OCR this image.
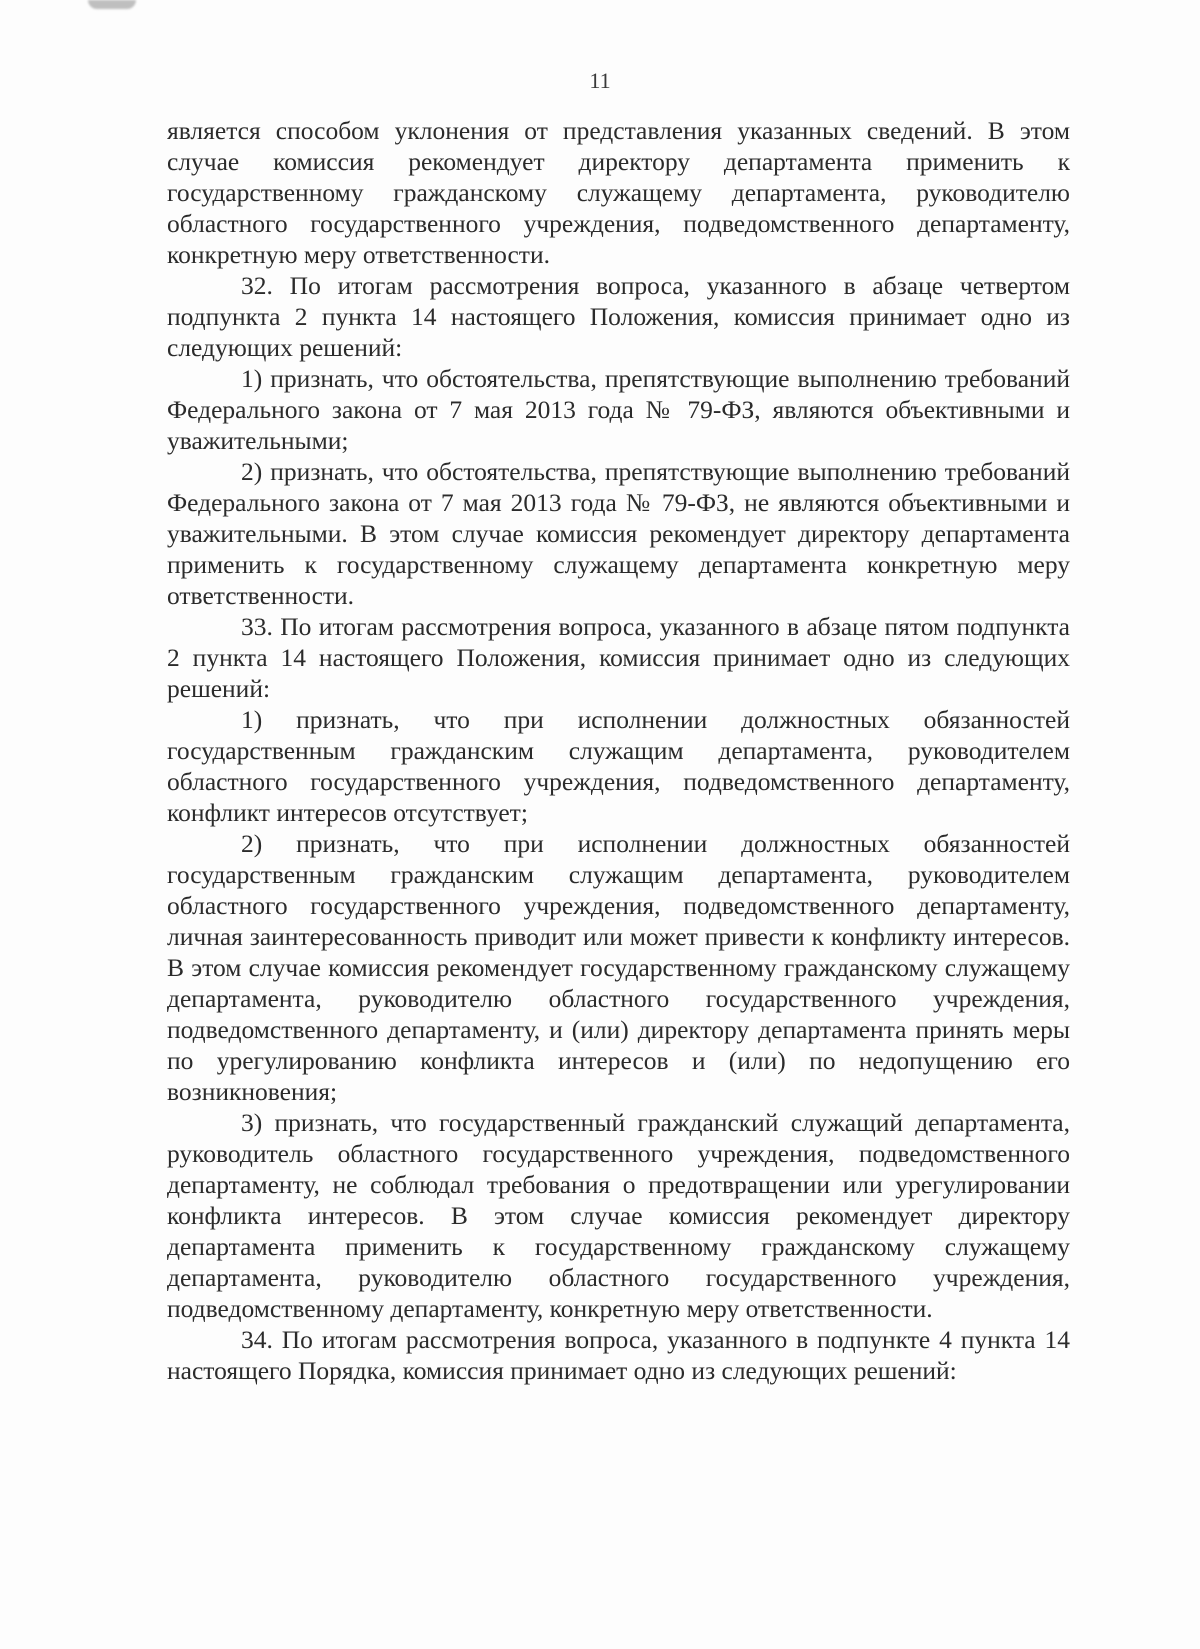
11

является способом уклонения от представления указанных сведений. В этом случае комиссия рекомендует директору департамента применить к государственному гражданскому служащему департамента, руководителю областного государственного учреждения, подведомственного департаменту, конкретную меру ответственности.

32. По итогам рассмотрения вопроса, указанного в абзаце четвертом подпункта 2 пункта 14 настоящего Положения, комиссия принимает одно из следующих решений:

1) признать, что обстоятельства, препятствующие выполнению требований Федерального закона от 7 мая 2013 года № 79-ФЗ, являются объективными и уважительными;

2) признать, что обстоятельства, препятствующие выполнению требований Федерального закона от 7 мая 2013 года № 79-ФЗ, не являются объективными и уважительными. В этом случае комиссия рекомендует директору департамента применить к государственному служащему департамента конкретную меру ответственности.

33. По итогам рассмотрения вопроса, указанного в абзаце пятом подпункта 2 пункта 14 настоящего Положения, комиссия принимает одно из следующих решений:

1) признать, что при исполнении должностных обязанностей государственным гражданским служащим департамента, руководителем областного государственного учреждения, подведомственного департаменту, конфликт интересов отсутствует;

2) признать, что при исполнении должностных обязанностей государственным гражданским служащим департамента, руководителем областного государственного учреждения, подведомственного департаменту, личная заинтересованность приводит или может привести к конфликту интересов. В этом случае комиссия рекомендует государственному гражданскому служащему департамента, руководителю областного государственного учреждения, подведомственного департаменту, и (или) директору департамента принять меры по урегулированию конфликта интересов и (или) по недопущению его возникновения;

3) признать, что государственный гражданский служащий департамента, руководитель областного государственного учреждения, подведомственного департаменту, не соблюдал требования о предотвращении или урегулировании конфликта интересов. В этом случае комиссия рекомендует директору департамента применить к государственному гражданскому служащему департамента, руководителю областного государственного учреждения, подведомственному департаменту, конкретную меру ответственности.

34. По итогам рассмотрения вопроса, указанного в подпункте 4 пункта 14 настоящего Порядка, комиссия принимает одно из следующих решений:
